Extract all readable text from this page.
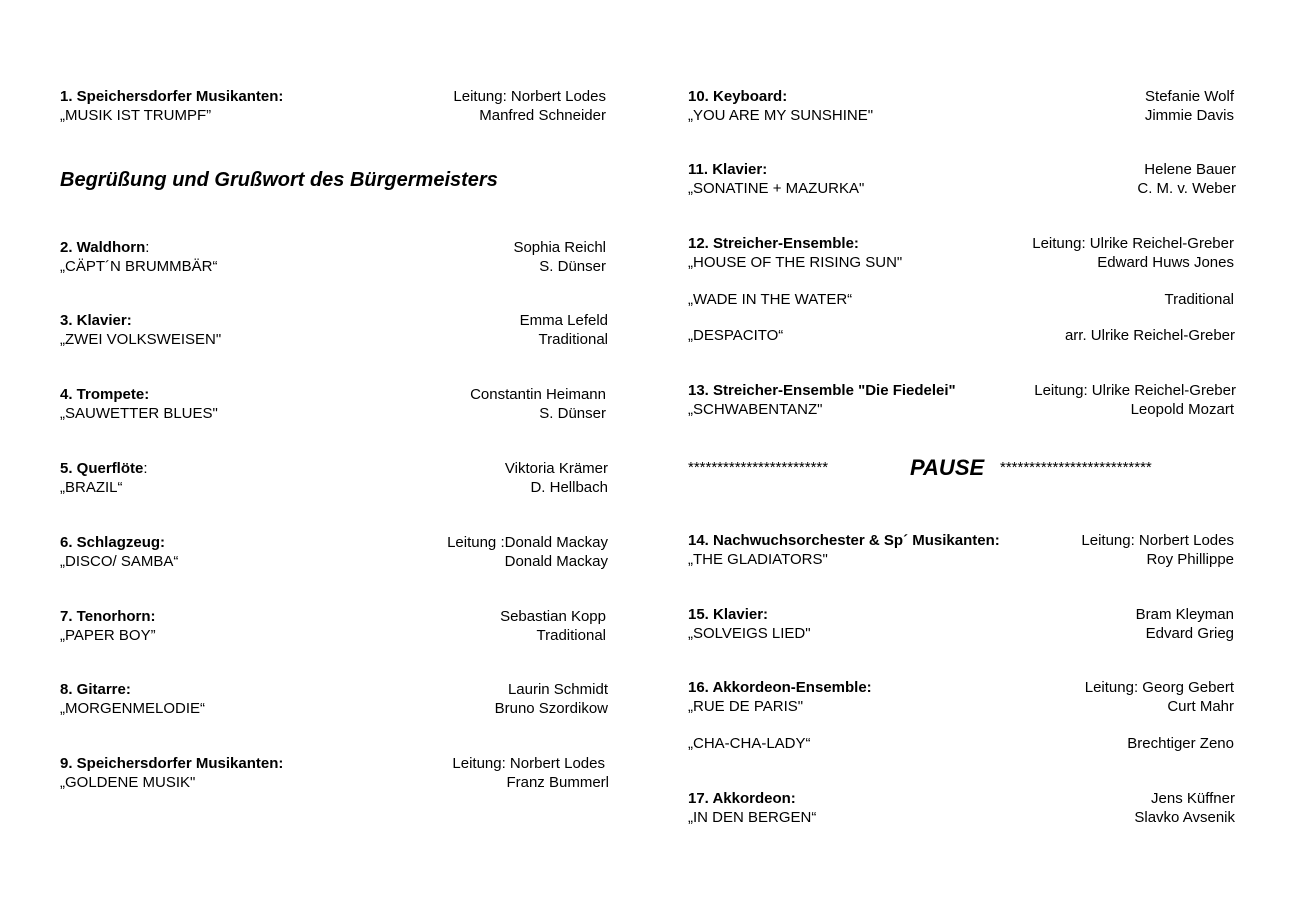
1. Speichersdorfer Musikanten:	Leitung: Norbert Lodes
„MUSIK IST TRUMPF”	Manfred Schneider
Begrüßung und Grußwort des Bürgermeisters
2. Waldhorn:	Sophia Reichl
„CÄPT´N BRUMMBÄR“	S. Dünser
3. Klavier:	Emma Lefeld
„ZWEI VOLKSWEISEN"	Traditional
4. Trompete:	Constantin Heimann
„SAUWETTER BLUES"	S. Dünser
5. Querflöte:	Viktoria Krämer
„BRAZIL“	D. Hellbach
6. Schlagzeug:	Leitung :Donald Mackay
„DISCO/ SAMBA“	Donald Mackay
7. Tenorhorn:	Sebastian Kopp
„PAPER BOY”	Traditional
8. Gitarre:	Laurin Schmidt
„MORGENMELODIE“	Bruno Szordikow
9. Speichersdorfer Musikanten:	Leitung: Norbert Lodes
„GOLDENE MUSIK"	Franz Bummerl
10. Keyboard:	Stefanie Wolf
„YOU ARE MY SUNSHINE"	Jimmie Davis
11. Klavier:	Helene Bauer
„SONATINE + MAZURKA"	C. M. v. Weber
12. Streicher-Ensemble:	Leitung: Ulrike Reichel-Greber
„HOUSE OF THE RISING SUN"	Edward Huws Jones
„WADE IN THE WATER“	Traditional
„DESPACITO“	arr. Ulrike Reichel-Greber
13. Streicher-Ensemble "Die Fiedelei"	Leitung: Ulrike Reichel-Greber
„SCHWABENTANZ"	Leopold Mozart
************************	PAUSE **************************
14. Nachwuchsorchester & Sp´ Musikanten:	Leitung: Norbert Lodes
„THE GLADIATORS"	Roy Phillippe
15. Klavier:	Bram Kleyman
„SOLVEIGS LIED"	Edvard Grieg
16. Akkordeon-Ensemble:	Leitung: Georg Gebert
„RUE DE PARIS"	Curt Mahr
„CHA-CHA-LADY“	Brechtiger Zeno
17. Akkordeon:	Jens Küffner
„IN DEN BERGEN“	Slavko Avsenik
